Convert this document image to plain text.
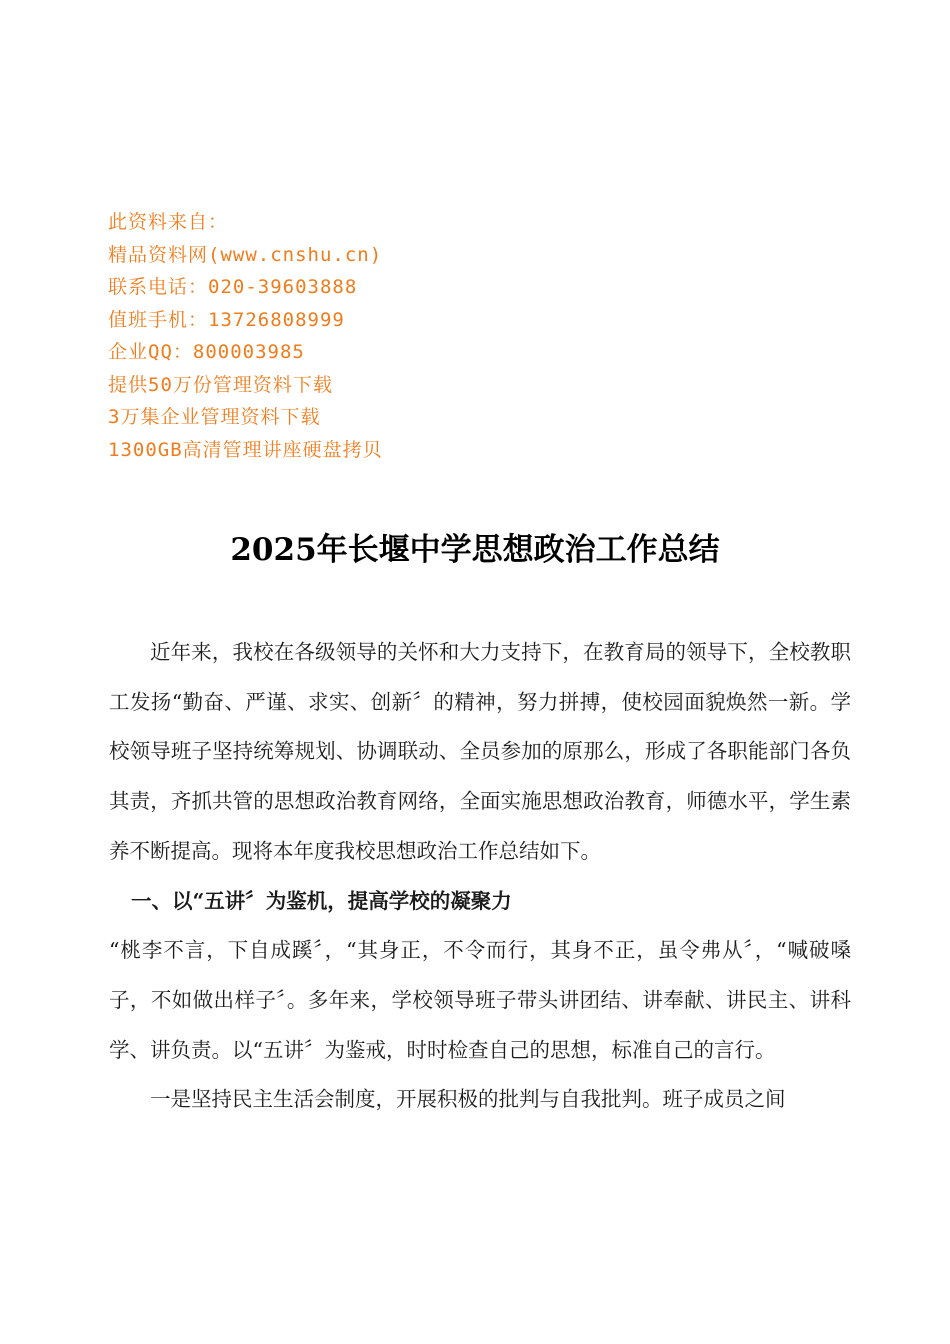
此资料来自：
精品资料网(www.cnshu.cn)
联系电话：020-39603888
值班手机：13726808999
企业QQ：800003985
提供50万份管理资料下载
3万集企业管理资料下载
1300GB高清管理讲座硬盘拷贝
2025年长堰中学思想政治工作总结

近年来，我校在各级领导的关怀和大力支持下，在教育局的领导下，全校教职工发扬“勤奋、严谨、求实、创新〞的精神，努力拼搏，使校园面貌焕然一新。学校领导班子坚持统筹规划、协调联动、全员参加的原那么，形成了各职能部门各负其责，齐抓共管的思想政治教育网络，全面实施思想政治教育，师德水平，学生素养不断提高。现将本年度我校思想政治工作总结如下。

一、以“五讲〞为鉴机，提高学校的凝聚力

“桃李不言，下自成蹊〞，“其身正，不令而行，其身不正，虽令弗从〞，“喊破嗓子，不如做出样子〞。多年来，学校领导班子带头讲团结、讲奉献、讲民主、讲科学、讲负责。以“五讲〞为鉴戒，时时检查自己的思想，标准自己的言行。

一是坚持民主生活会制度，开展积极的批判与自我批判。班子成员之间
